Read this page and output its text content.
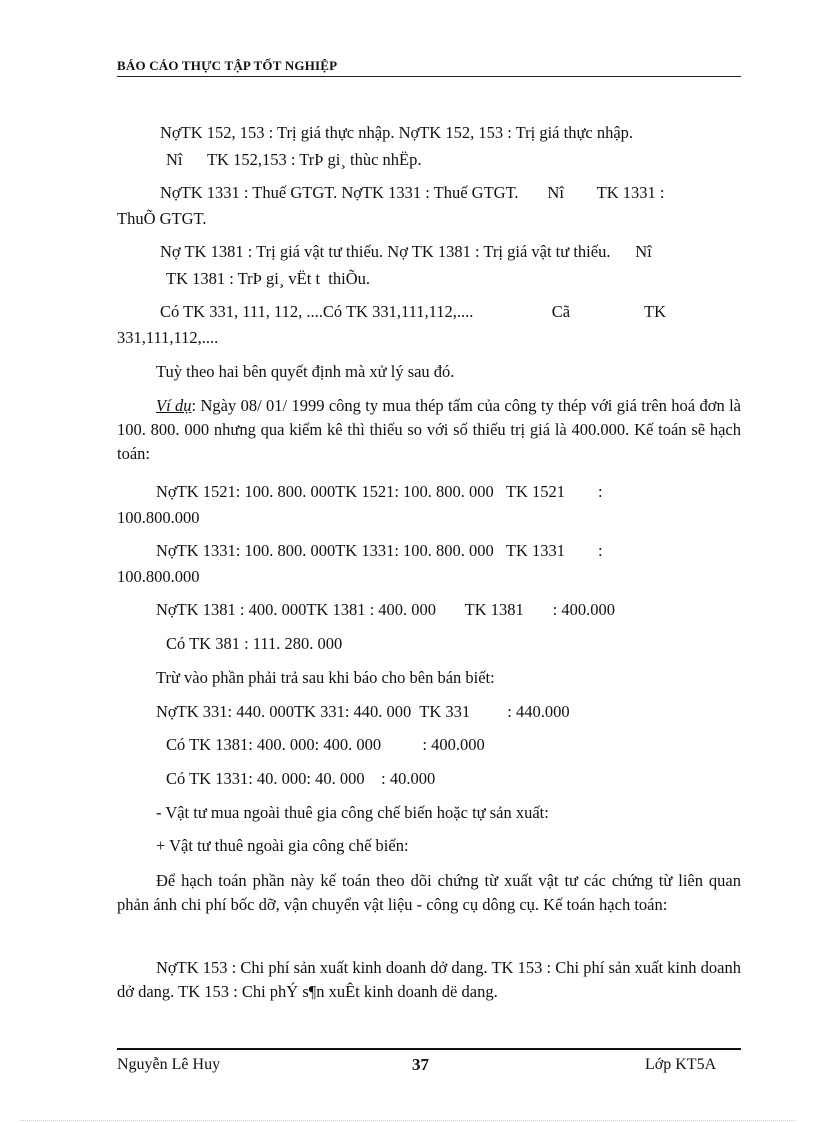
BÁO CÁO THỰC TẬP TỐT NGHIỆP
NợTK 152, 153 : Trị giá thực nhập. NợTK 152, 153 : Trị giá thực nhập.
Nî      TK 152,153 : TrÞ gi¸ thùc nhËp.
NợTK 1331 : Thuế GTGT. NợTK 1331 : Thuế GTGT.       Nî        TK 1331 :
ThuÕ GTGT.
Nợ TK 1381 : Trị giá vật tư thiếu. Nợ TK 1381 : Trị giá vật tư thiếu.      Nî
TK 1381 : TrÞ gi¸ vËt t  thiÕu.
Có TK 331, 111, 112, ....Có TK 331,111,112,....                   Cã                  TK
331,111,112,....
Tuỳ theo hai bên quyết định mà xử lý sau đó.
Ví dụ: Ngày 08/ 01/ 1999 công ty mua thép tấm của công ty thép với giá trên hoá đơn là 100. 800. 000 nhưng qua kiểm kê thì thiếu so với số thiếu trị giá là 400.000. Kế toán sẽ hạch toán:
NợTK 1521: 100. 800. 000TK 1521: 100. 800. 000   TK 1521        :
100.800.000
NợTK 1331: 100. 800. 000TK 1331: 100. 800. 000   TK 1331        :
100.800.000
NợTK 1381 : 400. 000TK 1381 : 400. 000       TK 1381       : 400.000
Có TK 381 : 111. 280. 000
Trừ vào phần phải trả sau khi báo cho bên bán biết:
NợTK 331: 440. 000TK 331: 440. 000  TK 331         : 440.000
Có TK 1381: 400. 000: 400. 000          : 400.000
Có TK 1331: 40. 000: 40. 000    : 40.000
- Vật tư mua ngoài thuê gia công chế biến hoặc tự sản xuất:
+ Vật tư thuê ngoài gia công chế biến:
Để hạch toán phần này kế toán theo dõi chứng từ xuất vật tư các chứng từ liên quan phản ánh chi phí bốc dỡ, vận chuyển vật liệu - công cụ dông cụ. Kế toán hạch toán:
NợTK 153 : Chi phí sản xuất kinh doanh dở dang. TK 153 : Chi phí sản xuất kinh doanh dở dang. TK 153 : Chi phÝ s¶n xuÊt kinh doanh dë dang.
Nguyễn Lê Huy	37	Lớp KT5A
